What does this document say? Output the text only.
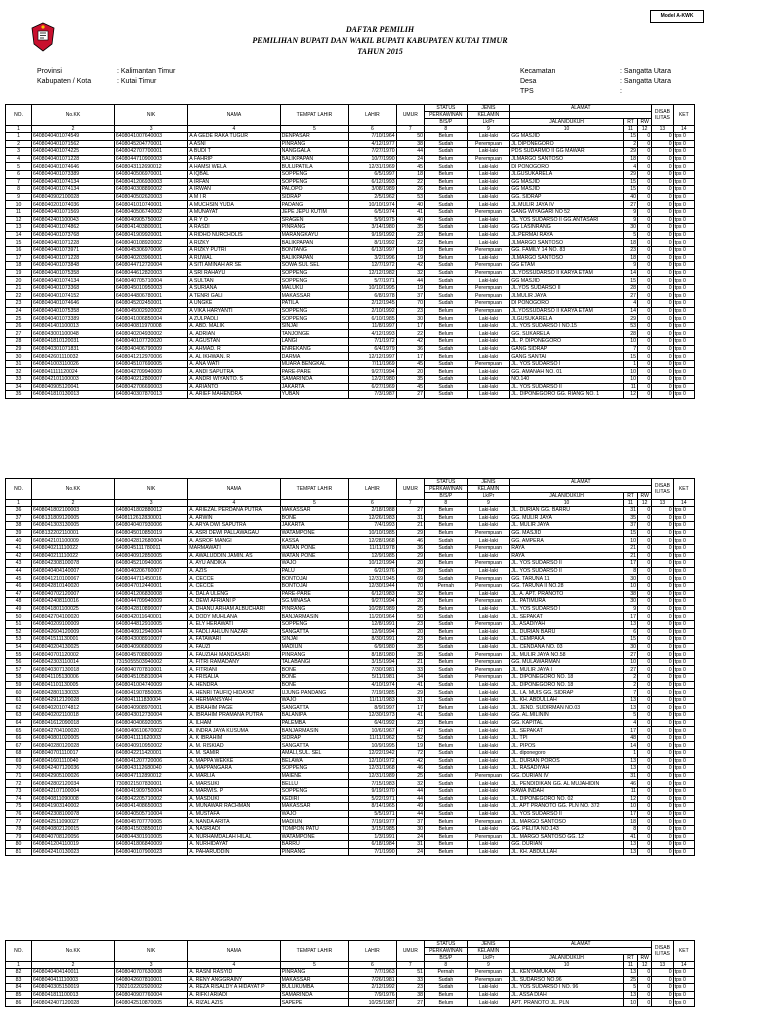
Model A-KWK
DAFTAR PEMILIH
PEMILIHAN BUPATI DAN WAKIL BUPATI KABUPATEN KUTAI TIMUR
TAHUN 2015
Provinsi	: Kalimantan Timur
Kabupaten / Kota	: Kutai Timur
Kecamatan	: Sangatta Utara
Desa	: Sangatta Utara
TPS	:
NO.	No.KK	NIK	NAMA	TEMPAT LAHIR	LAHIR	UMUR	STATUS	JENIS	ALAMAT			DISAB
ILITAS	KET
							PERKAWINAN	KELAMIN					
							B/S/P	Lk/Pr	JALAN/DUKUH	RT	RW		
1	2	3	4	5	6	7	8	9	10	11	12	13	14
1	6408040401074549	6408041007640003	A A GEDE RAKA TUGUR	DENPASAR	7/10/1964	50	Belum	Laki-laki	GG MASJID	15	0	0	tps 0
2	6408040401071562	6408045204770001	A ASNI	PINRANG	4/12/1977	38	Sudah	Perempuan	JL DIPONEGORO	2	0	0	tps 0
3	6408040401074225	6408042707700001	A BUDI T	NANGGALA	7/27/1970	44	Sudah	Laki-laki	PDS SUDARMO II GG MAWAR	29	0	0	tps 0
4	6408040401071228	6408044710900003	A FAHRIP	BALIKPAPAN	10/7/1990	24	Belum	Perempuan	JLMARGO SANTOSO	18	0	0	tps 0
5	6408040401074646	6408043112690012	A HAMSI WELA	BULUPATILA	12/31/1969	45	Sudah	Laki-laki	DI PONOGORO	4	0	0	tps 0
6	6408040401073389	6408040506970001	A IQBAL	SOPPENG	6/5/1997	18	Belum	Laki-laki	JLGUSUKARELA	29	0	0	tps 0
7	6408040401074134	6408041206930003	A IRFAN	SOPPENG	6/12/1993	22	Belum	Laki-laki	GG MASJID	15	0	0	tps 0
8	6408040401074134	6408040308890002	A IRWAN	PALOPO	3/08/1989	26	Belum	Laki-laki	GG MASJID	15	0	0	tps 0
9	6408040902100028	6408040502620003	A M I R	SIDRAP	2/5/1962	53	Sudah	Laki-laki	GG. SIDRAP	40	0	0	tps 0
10	6408040201074036	6408041010740001	A MUCHSIN YUDA	PADANG	10/10/1974	40	Sudah	Laki-laki	JL.MULIR JAYA IV	27	0	0	tps 0
11	6408040401071569	6408040506740002	A MUNAYAT	JEPE JEPU KUTIM	6/5/1974	41	Sudah	Perempuan	GANG WIYAGARI NO 52	9	0	0	tps 0
12	6408042401100043	6408040905750002	A R Y O	SRAGEN	5/9/1975	40	Sudah	Laki-laki	JL. YOS SUDARSO II GG.ANTASARI	9	0	0	tps 0
13	6408040401074862	6408041403800001	A RASDI	PINRANG	3/14/1980	35	Sudah	Laki-laki	GG LASINRANG	30	0	0	tps 0
14	6408040401073768	6408041909920001	A RIDHO NURCHOLIS	MARANGKAYU	9/19/1992	23	Belum	Laki-laki	JL.PERMAI RAYA	5	0	0	tps 0
15	6408040401071228	6408040108920002	A RIZKY	BALIKPAPAN	8/1/1992	22	Belum	Laki-laki	JLMARGO SANTOSO	18	0	0	tps 0
16	6408040401073971	6408045306970006	A RIZKY PUTRI	BONTANG	6/13/1997	18	Belum	Perempuan	GG. FAMILY 14 NO. 83	23	0	0	tps 0
17	6408040401071228	6408040203960001	A RUWAL	BALIKPAPAN	3/2/1996	19	Belum	Laki-laki	JLMARGO SANTOSO	18	0	0	tps 0
18	6408040401073848	6408044712720004	A SITI AMINAH AR SE	SOWA SUL SEL	12/7/1972	42	Sudah	Perempuan	GG ETAM	9	0	0	tps 0
19	6408040401075358	6408044612820003	A SRI RAHAYU	SOPPENG	12/12/1982	32	Sudah	Perempuan	JL.YOSSUDARSO II KARYA ETAM	14	0	0	tps 0
20	6408040401074134	6408040705710004	A SULTAN	SOPPENG	5/7/1971	44	Sudah	Laki-laki	GG MASJID	15	0	0	tps 0
21	6408040401073368	6408045010950003	A SURIANA	MALUKU	10/10/1995	19	Belum	Perempuan	JL.YOS SUDARSO II	28	0	0	tps 0
22	6408040401074152	6408044806780001	A TENRI GALI	MAKASSAR	6/8/1978	37	Sudah	Perempuan	JLMULIR JAYA	27	0	0	tps 0
23	6408040401074646	6408045202450001	A UNGKE	PATILA	2/12/1945	70	Sudah	Perempuan	DI PONOGORO	4	0	0	tps 0
24	6408040401075358	6408045002920002	A VIKA HARYANTI	SOPPENG	2/10/1992	23	Belum	Perempuan	JL.YOSSUDARSO II KARYA ETAM	14	0	0	tps 0
25	6408040401073389	6408041006850004	A ZULPADLI	SOPPENG	6/10/1985	30	Belum	Laki-laki	JLGUSUKARELA	29	0	0	tps 0
26	6408041401100013	6408040811970008	A. ABD. MALIK	SINJAI	11/8/1997	17	Belum	Laki-laki	JL. YOS SUDARSO I NO.15	53	0	0	tps 0
27	6408043001100048	6408040204930002	A. ADRIAN	TANJONGE	4/12/1993	22	Belum	Laki-laki	GG. SUKARELA	28	0	0	tps 0
28	6408041810120031	6408040107720020	A. AGUSTAN	LANGI	7/1/1972	42	Belum	Laki-laki	JL. P. DIPONEGORO	10	0	0	tps 0
29	6408040301071831	6408040406790009	A. AHMAD. R	ENREKANG	6/4/1979	36	Sudah	Laki-laki	GANG SIDRAP	7	0	0	tps 0
30	6408042601110032	6408041212970006	A. AL IKHWAN. R	DARMA	12/12/1997	17	Belum	Laki-laki	GANG SANTAI	15	0	0	tps 0
31	6408041003110026	6408045107690005	A. ANA WATI	MUARA BENGKAL	7/11/1969	45	Sudah	Perempuan	JL. YOS SUDARSO I	1	0	0	tps 0
32	6408041111120024	6408042709940009	A. ANDI SAPUTRA	PARE-PARE	9/27/1994	20	Belum	Laki-laki	GG. AMANAH NO. 01	10	0	0	tps 0
33	6408042101100003	6408040212800007	A. ANDRI WIYANTO. S	SAMARINDA	12/2/1980	35	Sudah	Laki-laki	NO.140	10	0	0	tps 0
34	6408040905120041	6408042706690003	A. ARIANTO	JAKARTA	6/27/1969	45	Sudah	Laki-laki	JL. YOS SUDARSO II	11	0	0	tps 0
35	6408041810130013	6408040307870013	A. ARIEF MAHENDRA	YUBAN	7/3/1987	27	Sudah	Laki-laki	JL. DIPONEGORO GG. RIANG NO. 1	12	0	0	tps 0
NO.	No.KK	NIK	NAMA	TEMPAT LAHIR	LAHIR	UMUR	STATUS	JENIS	ALAMAT			DISAB
ILITAS	KET
							PERKAWINAN	KELAMIN					
							B/S/P	Lk/Pr	JALAN/DUKUH	RT	RW		
1	2	3	4	5	6	7	8	9	10	11	12	13	14
36	6408041802100003	6408041802880012	A. ARIEZAL PERDANA PUTRA	MAKASSAR	2/18/1988	27	Belum	Laki-laki	JL. DURIAN GG. BARRU	31	0	0	tps 0
37	6408131809120005	6408112612830001	A. ARWIN	BONE	12/26/1983	31	Belum	Laki-laki	GG. MULIR JAYA	35	0	0	tps 0
38	6408041303130005	6408040407930006	A. ARYA DWI SAPUTRA	JAKARTA	7/4/1993	21	Belum	Laki-laki	JL. MULIR JAYA	37	0	0	tps 0
39	6408132202110001	6408045010850019	A. ASRI DEWI PALLAWAGAU	WATAMPONE	10/10/1985	29	Belum	Perempuan	GG. MASJID	15	0	0	tps 0
40	6408042101100009	6408042812680004	A. ASROF MANGI	KASSA	12/28/1968	46	Sudah	Laki-laki	GG. AMPERA	10	0	0	tps 0
41	6408040211110022	6408045111780011	MARMAWATI	WATAN PONE	11/11/1978	36	Sudah	Perempuan	RAYA	21	0	0	tps 0
42	6408040211110022	6408040912850005	A. AWALUDDIN JAMIN. AS	WATAN PONE	12/9/1985	29	Belum	Laki-laki	RAYA	21	0	0	tps 0
43	6408042308100078	6408045210940006	A. AYU ANDIKA	WAJO	10/12/1994	20	Belum	Perempuan	JL. YOS SUDARSO II	17	0	0	tps 0
44	6408040404140007	6408040206760007	A. AZIS	PALU	6/2/1976	39	Sudah	Laki-laki	JL. YOS SUDARSO II	8	0	0	tps 0
45	6408041210100067	6408044711450016	A. CECCE	BONTOJAI	12/31/1945	69	Sudah	Perempuan	GG. TARUNA 11	30	0	0	tps 0
46	6408042810140020	6408047012440001	A. CECCE	BONTOJAI	12/30/1944	70	Pernah	Perempuan	GG. TARUNA II NO.28	10	0	0	tps 0
47	6408040702120007	6408041206830008	A. DALA ULENG	PARE-PARE	6/12/1983	32	Belum	Laki-laki	JL. A. APT. PRANOTO	38	0	0	tps 0
48	6408042408110016	6408044709940009	A. DEWI AFRIANI P	SG.MINASA	9/27/1994	20	Belum	Perempuan	JL. PATIMURA	30	0	0	tps 0
49	6408041801100025	6408042810890007	A. DHANU ARHAM ALBUCHARI	PINRANG	10/28/1989	25	Belum	Laki-laki	JL. YOS SUDARSO I	9	0	0	tps 0
50	6408042704100020	6408042011640001	A. DODY MUHLANA	BANJARMASIN	11/20/1964	50	Sudah	Laki-laki	JL. SEPAKAT	17	0	0	tps 0
51	6408040209100009	6408044812910005	A. ELY HERAWATI	SOPPENG	12/8/1991	23	Sudah	Perempuan	JL. ASADIYAH	13	0	0	tps 0
52	6408042604120009	6408040912940004	A. FADLI AHLUN NAZAR	SANGATTA	12/9/1994	20	Belum	Laki-laki	JL. DURIAN BARU	6	0	0	tps 0
53	6408041511130001	6408043008910007	A. FATAWARI	SINJAI	8/30/1991	23	Belum	Laki-laki	JL. CEMPAKA	15	0	0	tps 0
54	6408040204130025	6408040906800009	A. FAUZI	MADIUN	6/9/1980	35	Sudah	Laki-laki	JL. CENDANA NO. 03	30	0	0	tps 0
55	6408040701120002	6408045708800009	A. FAUZIAH MANDASARI	PINRANG	8/18/1980	35	Sudah	Perempuan	JL. MULIR JAYA NO.58	27	0	0	tps 0
56	6408042303110014	7315055503940002	A. FITRI RAMADANY	TALABANGI	3/15/1994	21	Belum	Perempuan	GG. MULAWARMAN	10	0	0	tps 0
57	6408040307130018	6408040707810001	A. FITRIANI	BONE	7/30/1981	33	Sudah	Perempuan	JL. MULIR JAYA I	27	0	0	tps 0
58	6408041105130006	6408045105810004	A. FRISALIA	BONE	5/11/1981	34	Sudah	Perempuan	JL. DIPONEGORO NO. 18	2	0	0	tps 0
59	6408041101130005	6408041004740009	A. HENDRA	BONE	4/10/1974	41	Sudah	Laki-laki	JL. DIPONEGORO NO. 18	2	0	0	tps 0
60	6408042801130033	6408041907850005	A. HENRI TAUFIQ HIDAYAT	UJUNG PANDANG	7/19/1985	29	Sudah	Laki-laki	JL. I.A. MUIS GG. SIDRAP	7	0	0	tps 0
61	6408042912120028	6408041111830004	A. HERMANSYAH	WAJO	11/11/1983	31	Sudah	Laki-laki	JL. KH. ABDULLAH	13	0	0	tps 0
62	6408040201074812	6408040908970001	A. IBRAHIM PAGE	SANGATTA	8/9/1997	17	Belum	Laki-laki	JL. JEND. SUDIRMAN NO.03	13	0	0	tps 0
63	6408040202110018	6408043012730004	A. IBRAHIM PRAMANA PUTRA	BALANIPA	12/30/1973	41	Sudah	Laki-laki	GG. AL.MILININ	5	0	0	tps 0
64	6408041612090018	6408040406920005	A. ILHAM	PALEMBA	6/4/1992	23	Belum	Laki-laki	GG. KAPITAL	4	0	0	tps 0
65	6408042704100020	6408040610670002	A. INDRA JAYA KUSUMA	BANJARMASIN	10/6/1967	47	Sudah	Laki-laki	JL. SEPAKAT	17	0	0	tps 0
66	6408040801020005	6408041111620003	A. K IBRAHIM	SIDRAP	11/11/1962	52	Sudah	Laki-laki	JL. TPI	48	0	0	tps 0
67	6408040280120028	6408040910950002	A. M. RISKIAD	SANGATTA	10/9/1995	19	Belum	Laki-laki	JL. PIPOS	14	0	0	tps 0
68	6408040701110017	6408042211420001	A. M. SAMIR	AMALI,SUL. SEL	12/22/1942	72	Sudah	Laki-laki	JL. diponegoro	1	0	0	tps 0
69	6408041601110040	6408041207720006	A. MAPPA WEKKE	BELAWA	12/10/1972	42	Sudah	Laki-laki	JL. DURIAN POROS	13	0	0	tps 0
70	6408042407120036	6408043112680040	A. MAPPANGARA	SOPPENG	12/31/1968	46	Sudah	Laki-laki	JL. RASADIYAH	13	0	0	tps 0
71	6408042905100026	6408047112890012	A. MARLIA	MAIENE	12/31/1989	25	Sudah	Perempuan	GG. DURIAN IV	31	0	0	tps 0
72	6408042802120034	7308021507830001	A. MARSUKI	BELLU	7/15/1983	32	Sudah	Laki-laki	JL. PENDIDIKAN GG. AL MUJAHIDIN	46	0	0	tps 0
73	6408042107100004	6408041909750004	A. MARWIS. P	SOPPENG	9/19/1970	44	Sudah	Laki-laki	RAWA INDAH	11	0	0	tps 0
74	6408040811090008	6408042205710002	A. MASDUKI	KEDIRI	5/22/1971	44	Sudah	Laki-laki	JL. DIPONEGORO NO. 02	12	0	0	tps 0
75	6408041903140002	6408041408650003	A. MUNAWAR RACHMAN	MAKASSAR	8/14/1965	49	Sudah	Laki-laki	JL. APT PRANOTO GG. PLN NO. 372	10	0	0	tps 0
76	6408042308100078	6408040505710004	A. MUSTAFA	WAJO	5/5/1971	44	Sudah	Laki-laki	JL. YOS SUDARSO II	17	0	0	tps 0
77	6408042511090027	6408045707770005	A. NANDA ARITA	MADIUN	7/19/1977	37	Belum	Perempuan	JL. MARGO SANTOSO	18	0	0	tps 0
78	6408040802120015	6408041503850010	A. NASRIADI	TOMPON PATU	3/15/1985	30	Belum	Laki-laki	GG. PELITA NO.143	8	0	0	tps 0
79	6408040708120056	6408044301910005	A. NURHAMDALAH HILAL	WATAMPONE	1/3/1991	24	Belum	Perempuan	JL. MARGO SANTOSO GG. 12	41	0	0	tps 0
80	6408041204110019	6408041806840009	A. NURHIDAYAT	BARRU	6/18/1984	31	Belum	Laki-laki	GG. DURIAN	13	0	0	tps 0
81	6408042410130023	6408040107900023	A. PAHARUDDIN	PINRANG	7/1/1990	24	Belum	Laki-laki	JL. KH. ABDULLAH	13	0	0	tps 0
NO.	No.KK	NIK	NAMA	TEMPAT LAHIR	LAHIR	UMUR	STATUS	JENIS	ALAMAT			DISAB
ILITAS	KET
							PERKAWINAN	KELAMIN					
							B/S/P	Lk/Pr	JALAN/DUKUH	RT	RW		
1	2	3	4	5	6	7	8	9	10	11	12	13	14
82	6408040404140011	6408040707630008	A. RASNI RASYID	PINRANG	7/7/1963	51	Pernah	Perempuan	JL. KENYAMUKAN	13	0	0	tps 0
83	6408040411110003	6408042607810001	A. RENY ANGGRAINY	MAKASSAR	7/26/1981	33	Sudah	Perempuan	JL. SUDARSO NO.96	25	0	0	tps 0
84	6408040305150019	7302102202920002	A. REZA RISALDY A HIDAYAT P	BULUKUMBA	2/12/1992	23	Sudah	Laki-laki	JL. YOS SUDARSO I NO. 96	5	0	0	tps 0
85	6408041811100013	6408040907760004	A. RIFKI ARIADI	SAMARINDA	7/9/1976	38	Belum	Laki-laki	JL. ASSA DIAH	13	0	0	tps 0
86	6408042407120028	6408042510870005	A. RIZAL AZIS	SAPEPE	10/25/1987	27	Belum	Laki-laki	APT. PRANOTO JL. PLN	10	0	0	tps 0
